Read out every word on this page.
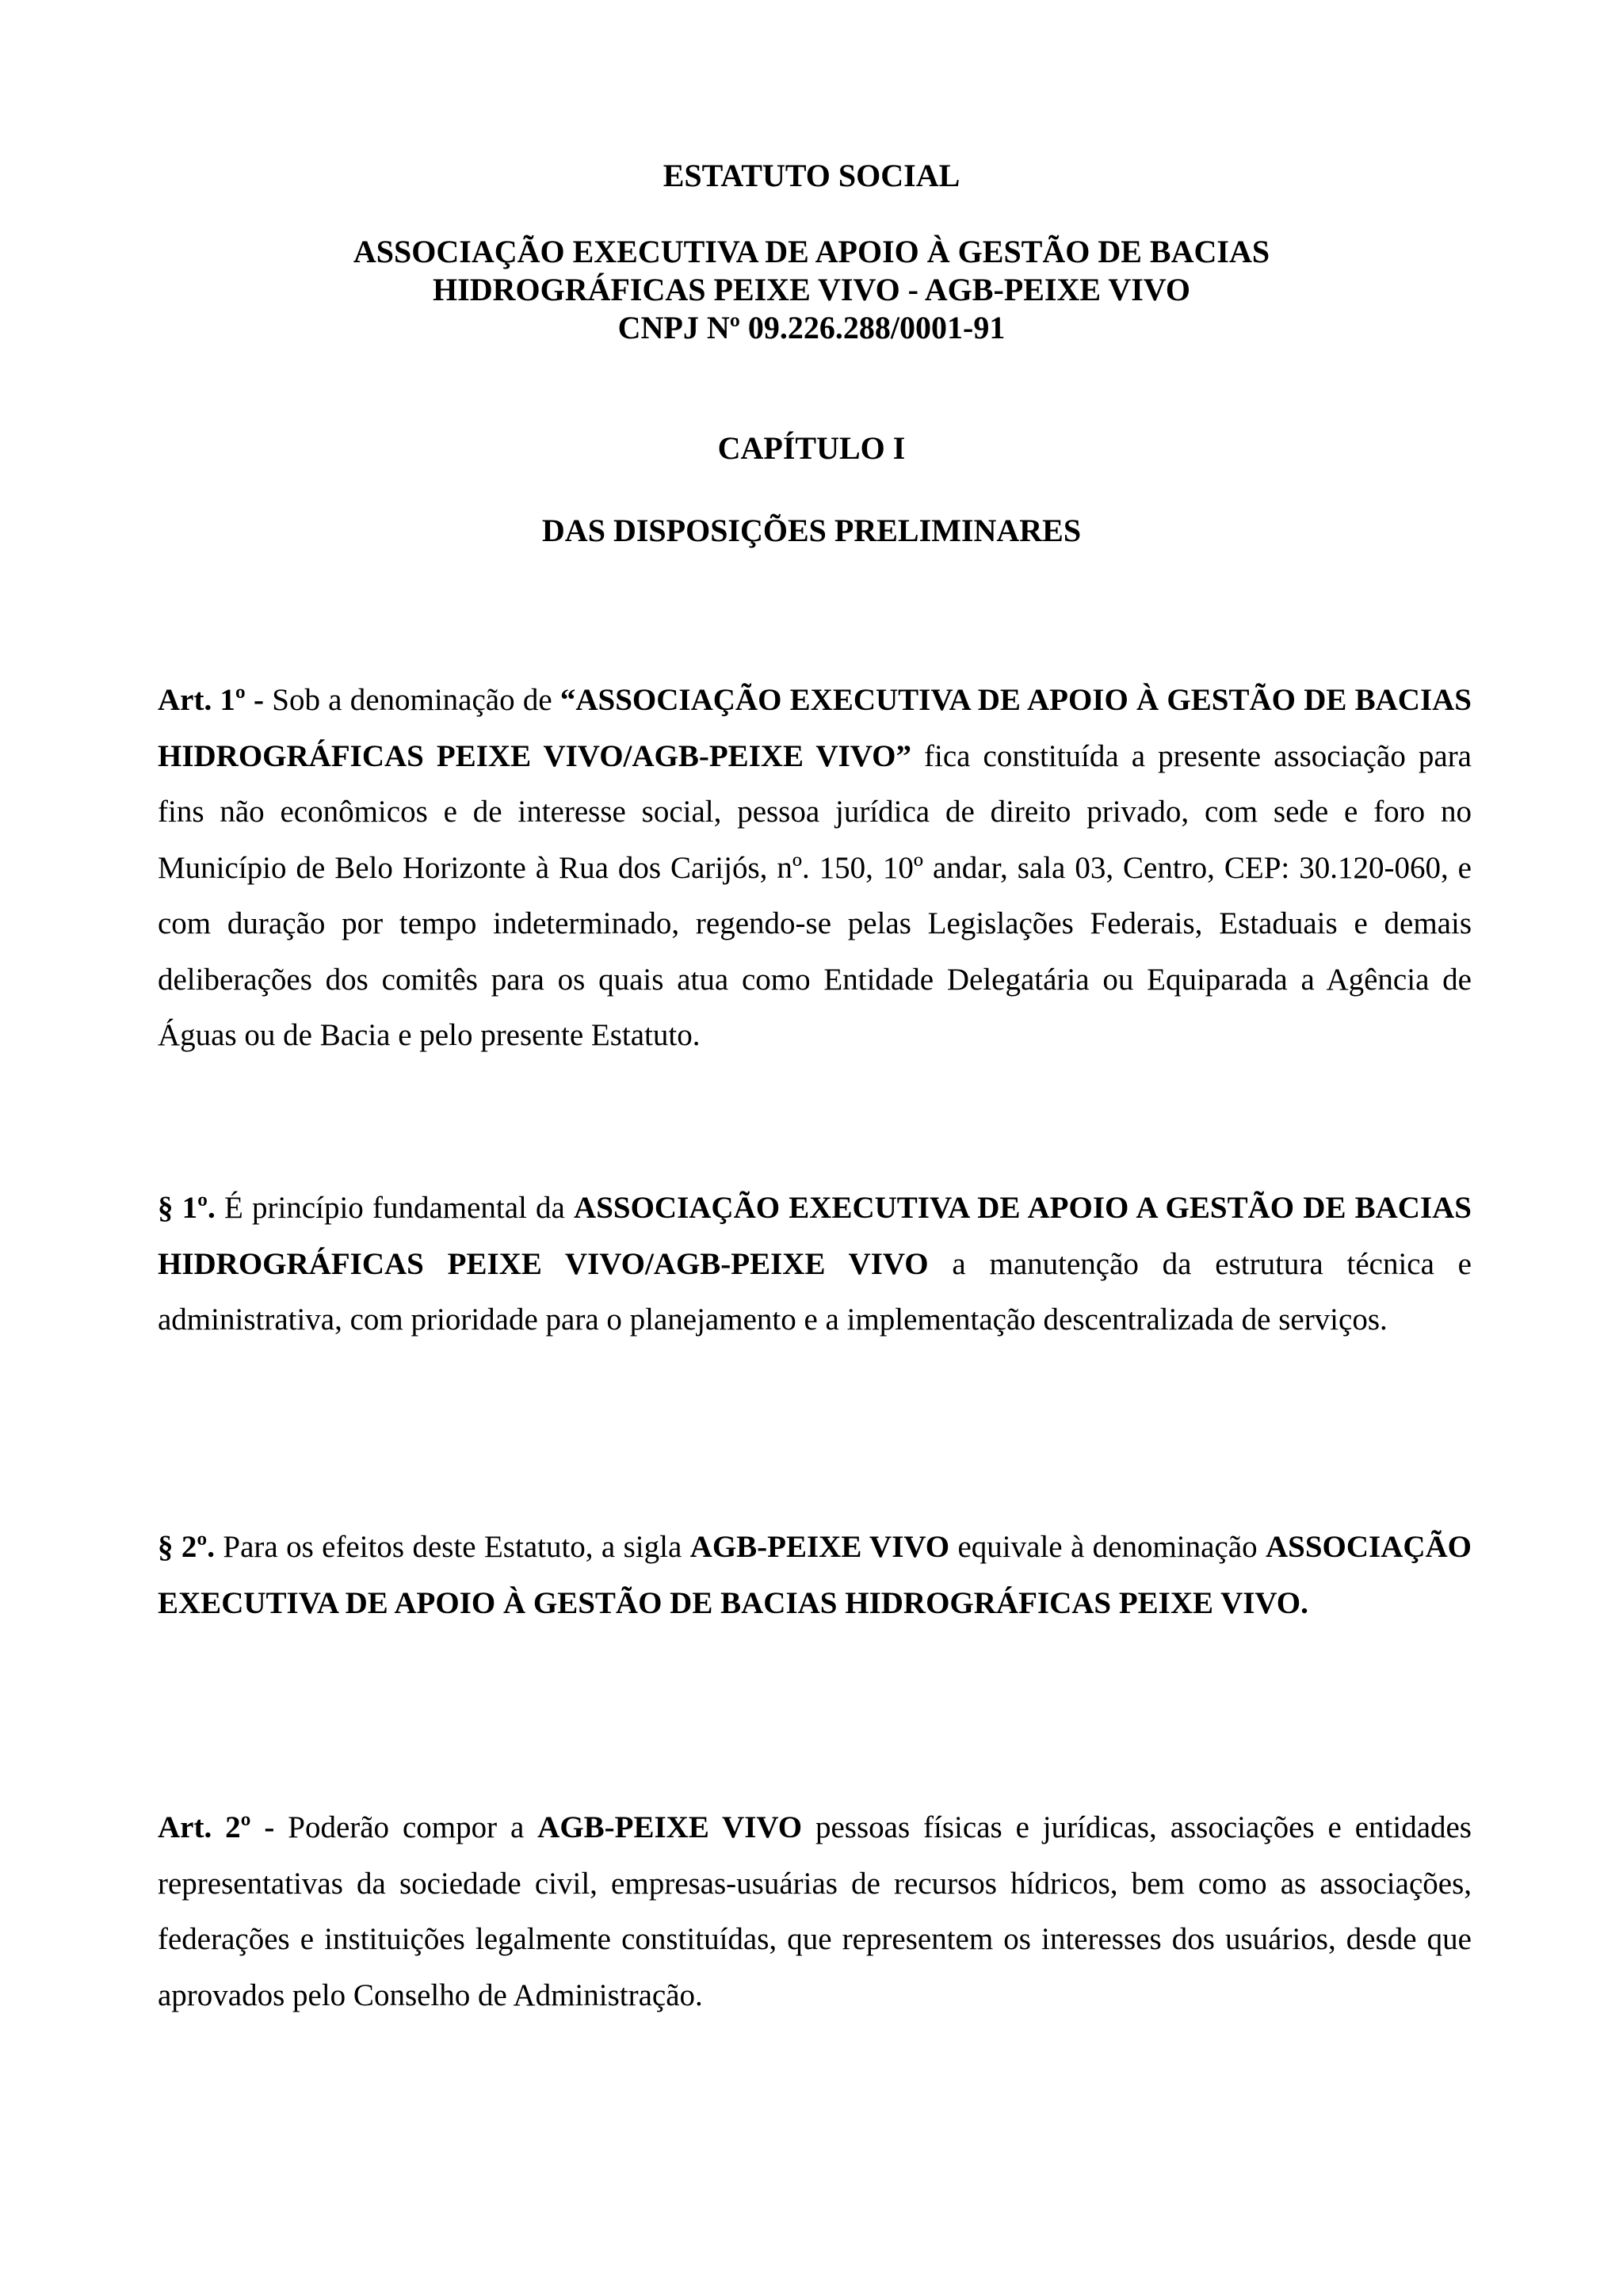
ESTATUTO SOCIAL

ASSOCIAÇÃO EXECUTIVA DE APOIO À GESTÃO DE BACIAS
HIDROGRÁFICAS PEIXE VIVO - AGB-PEIXE VIVO
CNPJ Nº 09.226.288/0001-91

CAPÍTULO I

DAS DISPOSIÇÕES PRELIMINARES

Art. 1º - Sob a denominação de “ASSOCIAÇÃO EXECUTIVA DE APOIO À GESTÃO DE BACIAS HIDROGRÁFICAS PEIXE VIVO/AGB-PEIXE VIVO” fica constituída a presente associação para fins não econômicos e de interesse social, pessoa jurídica de direito privado, com sede e foro no Município de Belo Horizonte à Rua dos Carijós, nº. 150, 10º andar, sala 03, Centro, CEP: 30.120-060, e com duração por tempo indeterminado, regendo-se pelas Legislações Federais, Estaduais e demais deliberações dos comitês para os quais atua como Entidade Delegatária ou Equiparada a Agência de Águas ou de Bacia e pelo presente Estatuto.

§ 1º. É princípio fundamental da ASSOCIAÇÃO EXECUTIVA DE APOIO A GESTÃO DE BACIAS HIDROGRÁFICAS PEIXE VIVO/AGB-PEIXE VIVO a manutenção da estrutura técnica e administrativa, com prioridade para o planejamento e a implementação descentralizada de serviços.

§ 2º. Para os efeitos deste Estatuto, a sigla AGB-PEIXE VIVO equivale à denominação ASSOCIAÇÃO EXECUTIVA DE APOIO À GESTÃO DE BACIAS HIDROGRÁFICAS PEIXE VIVO.

Art. 2º - Poderão compor a AGB-PEIXE VIVO pessoas físicas e jurídicas, associações e entidades representativas da sociedade civil, empresas-usuárias de recursos hídricos, bem como as associações, federações e instituições legalmente constituídas, que representem os interesses dos usuários, desde que aprovados pelo Conselho de Administração.
